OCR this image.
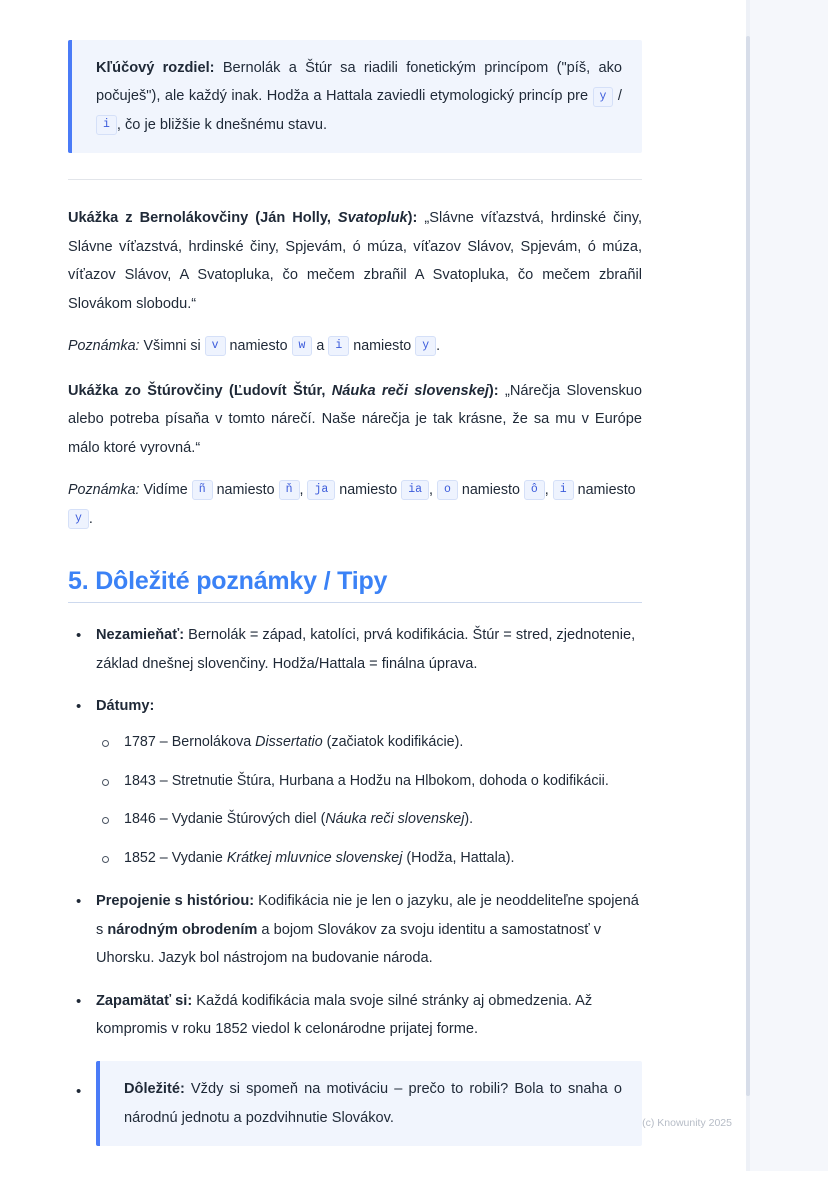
Kľúčový rozdiel: Bernolák a Štúr sa riadili fonetickým princípom ("píš, ako počuješ"), ale každý inak. Hodža a Hattala zaviedli etymologický princíp pre y / i , čo je bližšie k dnešnému stavu.

Ukážka z Bernolákovčiny (Ján Holly, Svatopluk): „Slávne víťazstvá, hrdinské činy, Slávne víťazstvá, hrdinské činy, Spjevám, ó múza, víťazov Slávov, Spjevám, ó múza, víťazov Slávov, A Svatopluka, čo mečem zbrañil A Svatopluka, čo mečem zbrañil Slovákom slobodu.“

Poznámka: Všimni si v namiesto w a i namiesto y .

Ukážka zo Štúrovčiny (Ľudovít Štúr, Náuka reči slovenskej): „Nárečja Slovenskuo alebo potreba písaňa v tomto nárečí. Naše nárečja je tak krásne, že sa mu v Európe málo ktoré vyrovná.“

Poznámka: Vidíme ñ namiesto ň , ja namiesto ia , o namiesto ô , i namiesto y .

5. Dôležité poznámky / Tipy
• Nezamieňať: Bernolák = západ, katolíci, prvá kodifikácia. Štúr = stred, zjednotenie, základ dnešnej slovenčiny. Hodža/Hattala = finálna úprava.
• Dátumy:
1787 – Bernolákova Dissertatio (začiatok kodifikácie).
1843 – Stretnutie Štúra, Hurbana a Hodžu na Hlbokom, dohoda o kodifikácii.
1846 – Vydanie Štúrových diel (Náuka reči slovenskej).
1852 – Vydanie Krátkej mluvnice slovenskej (Hodža, Hattala).
• Prepojenie s históriou: Kodifikácia nie je len o jazyku, ale je neoddeliteľne spojená s národným obrodením a bojom Slovákov za svoju identitu a samostatnosť v Uhorsku. Jazyk bol nástrojom na budovanie národa.
• Zapamätať si: Každá kodifikácia mala svoje silné stránky aj obmedzenia. Až kompromis v roku 1852 viedol k celonárodne prijatej forme.
•	Dôležité: Vždy si spomeň na motiváciu – prečo to robili? Bola to snaha o národnú jednotu a pozdvihnutie Slovákov.	(c) Knowunity 2025
